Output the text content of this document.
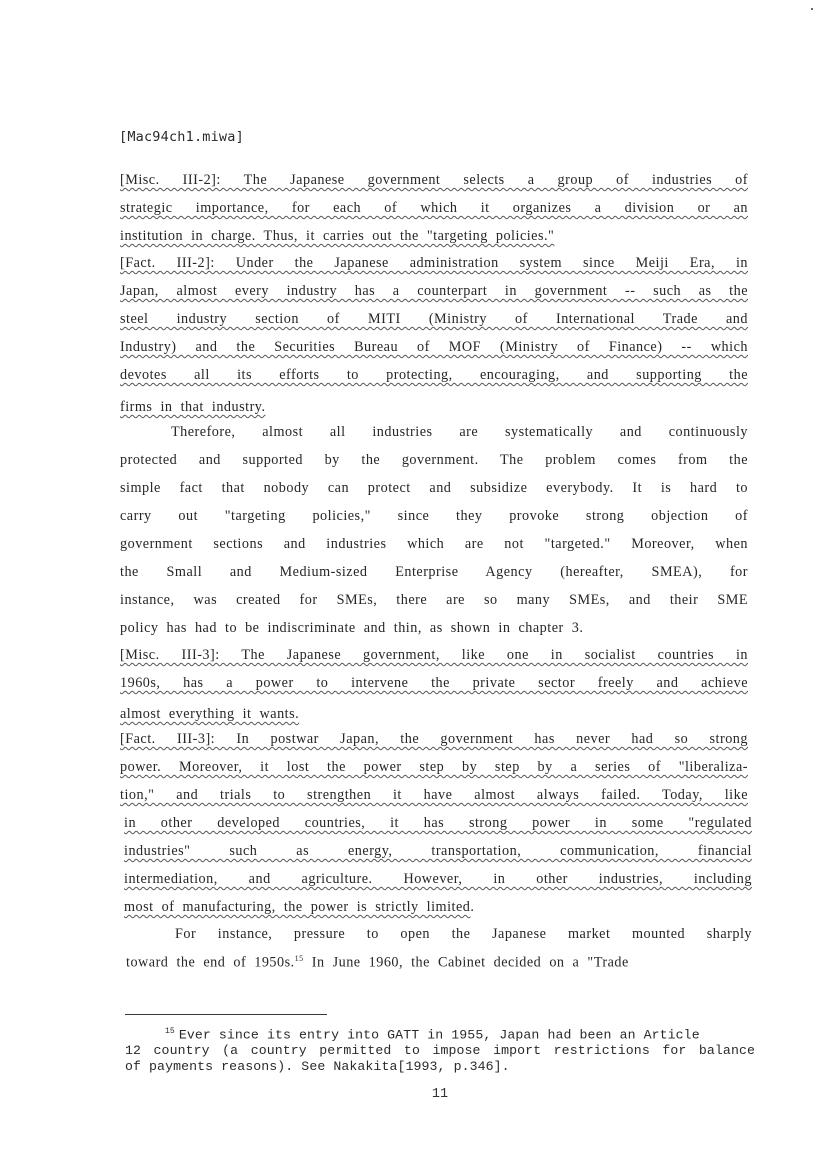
[Mac94ch1.miwa]
[Misc. III-2]: The Japanese government selects a group of industries of
strategic importance, for each of which it organizes a division or an
institution in charge. Thus, it carries out the "targeting policies."
[Fact. III-2]: Under the Japanese administration system since Meiji Era, in
Japan, almost every industry has a counterpart in government -- such as the
steel industry section of MITI (Ministry of International Trade and
Industry) and the Securities Bureau of MOF (Ministry of Finance) -- which
devotes all its efforts to protecting, encouraging, and supporting the
firms in that industry.
Therefore, almost all industries are systematically and continuously
protected and supported by the government. The problem comes from the
simple fact that nobody can protect and subsidize everybody. It is hard to
carry out "targeting policies," since they provoke strong objection of
government sections and industries which are not "targeted." Moreover, when
the Small and Medium-sized Enterprise Agency (hereafter, SMEA), for
instance, was created for SMEs, there are so many SMEs, and their SME
policy has had to be indiscriminate and thin, as shown in chapter 3.
[Misc. III-3]: The Japanese government, like one in socialist countries in
1960s, has a power to intervene the private sector freely and achieve
almost everything it wants.
[Fact. III-3]: In postwar Japan, the government has never had so strong
power. Moreover, it lost the power step by step by a series of "liberaliza-
tion," and trials to strengthen it have almost always failed. Today, like
in other developed countries, it has strong power in some "regulated
industries" such as energy, transportation, communication, financial
intermediation, and agriculture. However, in other industries, including
most of manufacturing, the power is strictly limited.
For instance, pressure to open the Japanese market mounted sharply
toward the end of 1950s.$^{15}$ In June 1960, the Cabinet decided on a "Trade
$^{15}$ Ever since its entry into GATT in 1955, Japan had been an Article
12 country (a country permitted to impose import restrictions for balance
of payments reasons). See Nakakita[1993, p.346].
11
